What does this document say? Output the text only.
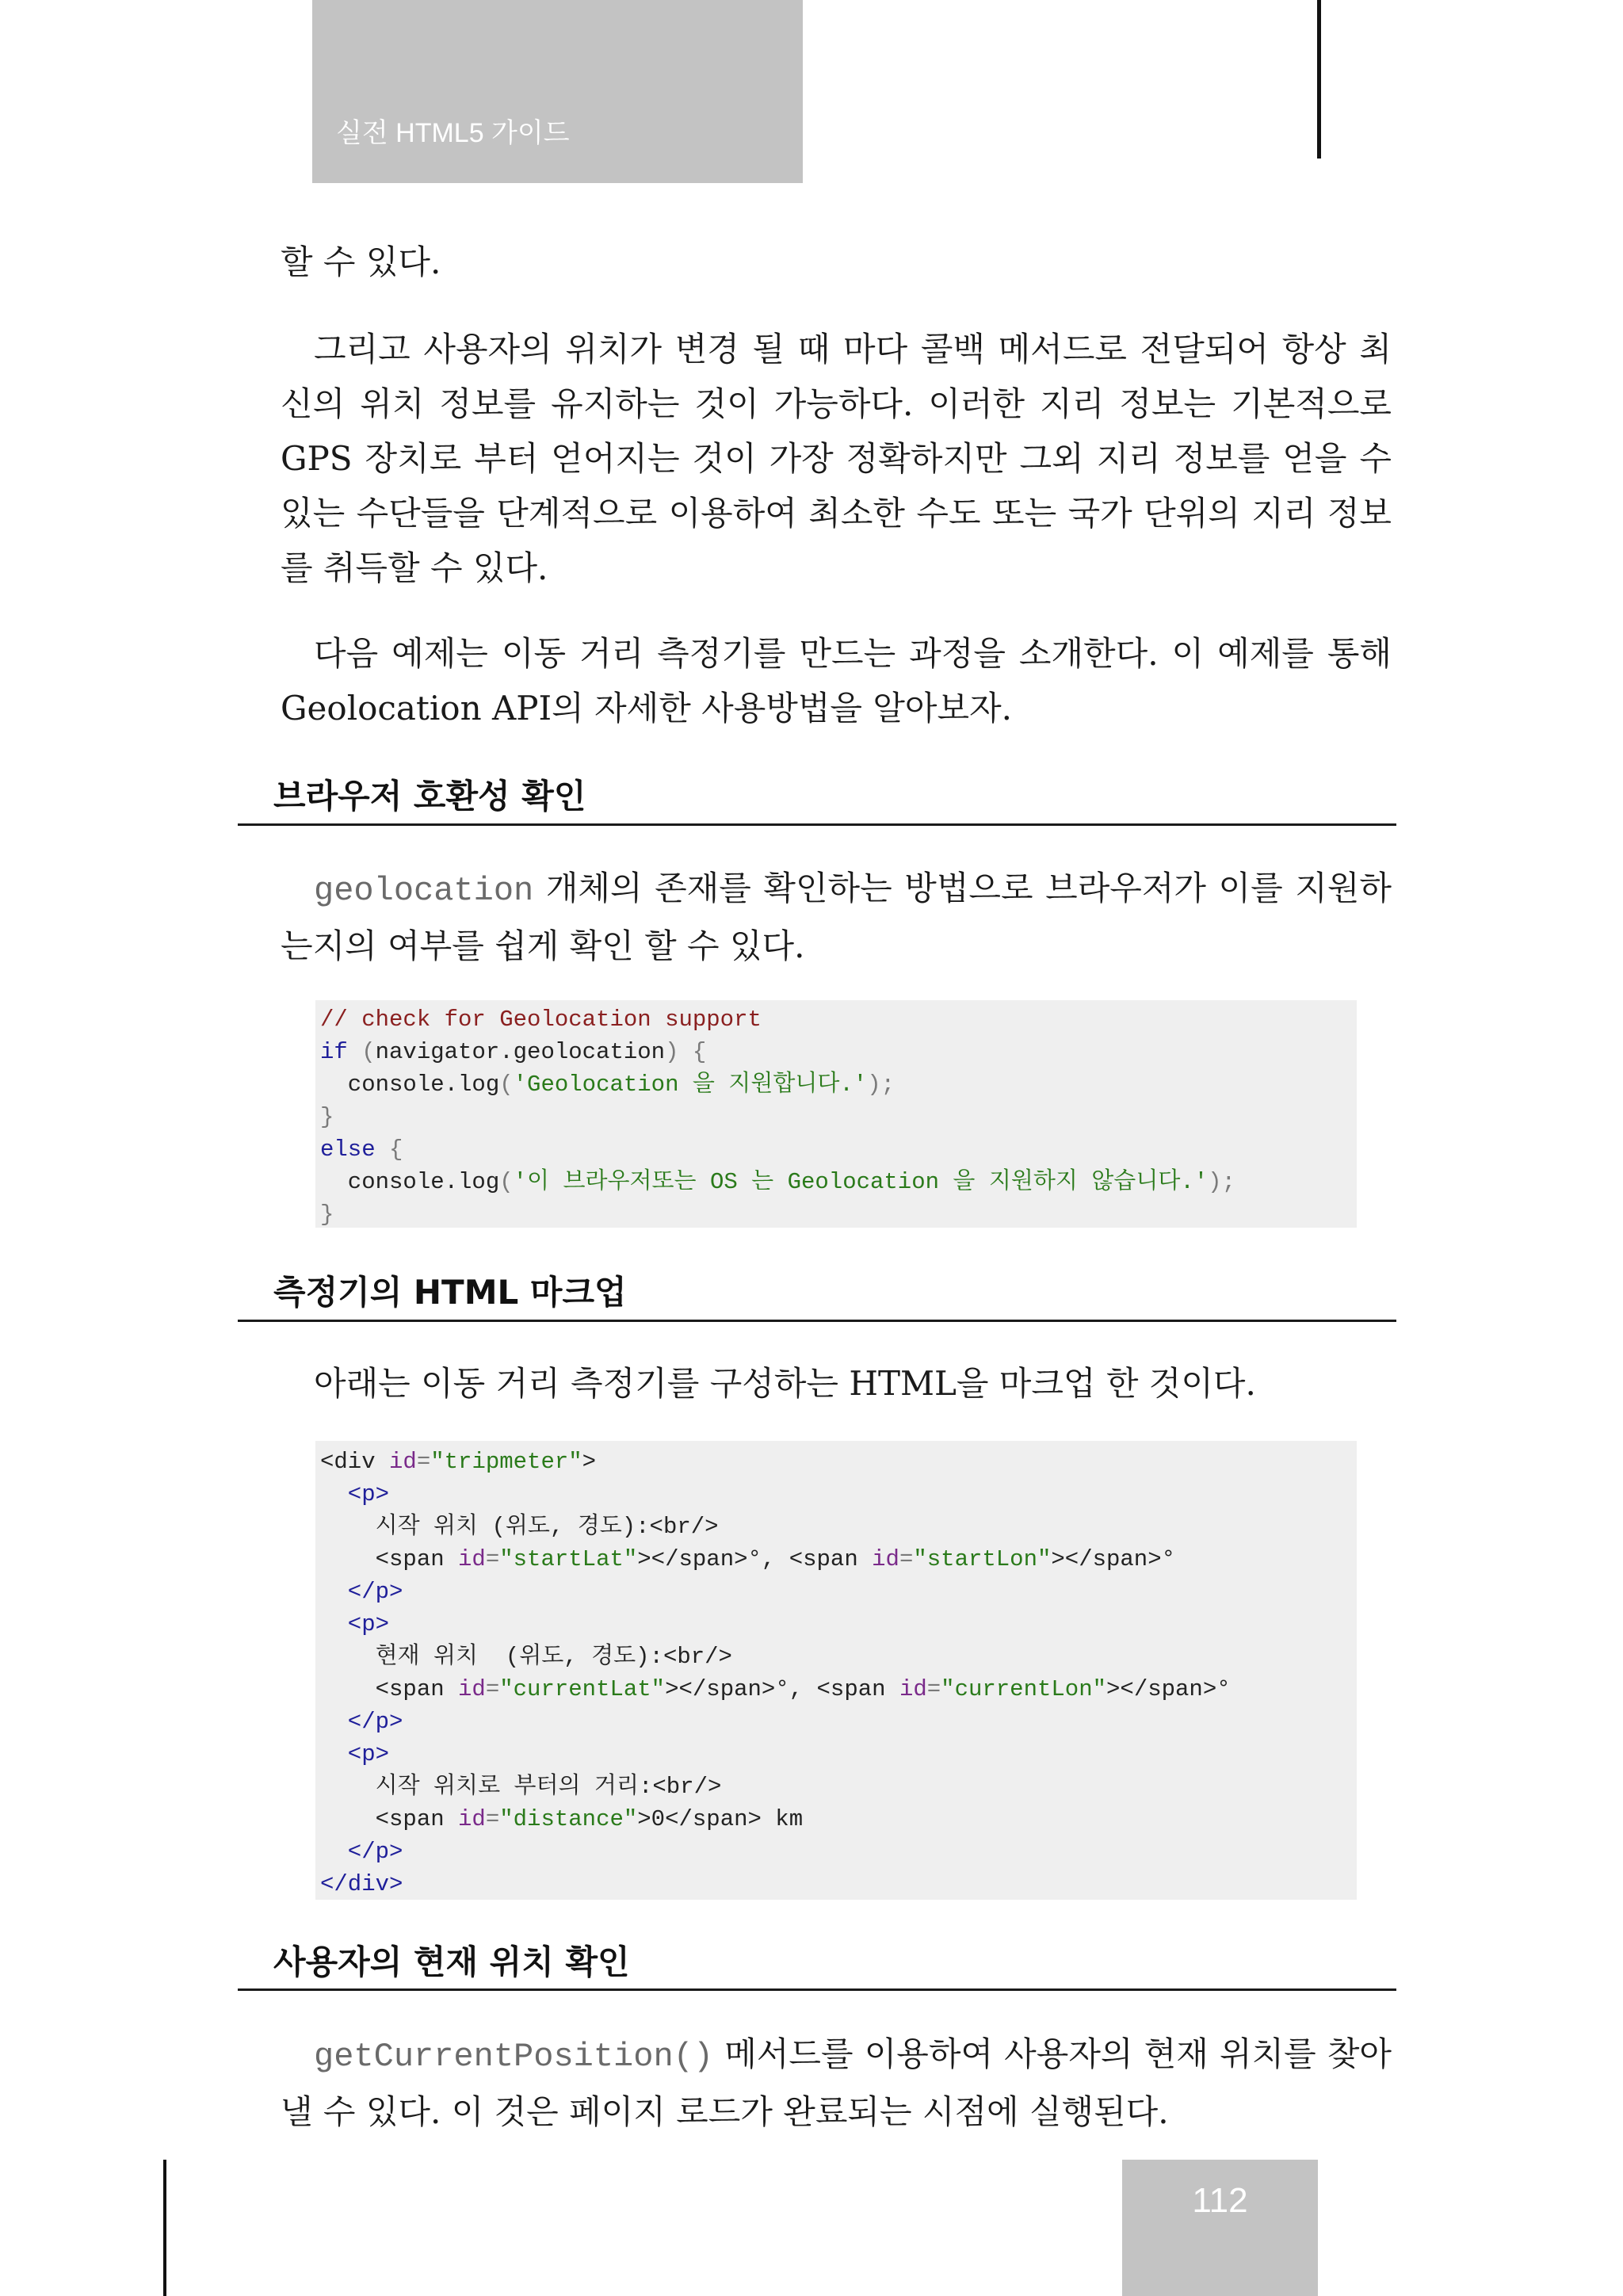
실전 HTML5 가이드

할 수 있다.

그리고 사용자의 위치가 변경 될 때 마다 콜백 메서드로 전달되어 항상 최신의 위치 정보를 유지하는 것이 가능하다. 이러한 지리 정보는 기본적으로 GPS 장치로 부터 얻어지는 것이 가장 정확하지만 그외 지리 정보를 얻을 수 있는 수단들을 단계적으로 이용하여 최소한 수도 또는 국가 단위의 지리 정보를 취득할 수 있다.

다음 예제는 이동 거리 측정기를 만드는 과정을 소개한다. 이 예제를 통해 Geolocation API의 자세한 사용방법을 알아보자.

브라우저 호환성 확인

geolocation 개체의 존재를 확인하는 방법으로 브라우저가 이를 지원하는지의 여부를 쉽게 확인 할 수 있다.

// check for Geolocation support
if (navigator.geolocation) {
console.log('Geolocation 을 지원합니다.');
}
else {
console.log('이 브라우저또는 OS 는 Geolocation 을 지원하지 않습니다.');
}
측정기의 HTML 마크업

아래는 이동 거리 측정기를 구성하는 HTML을 마크업 한 것이다.

<div id="tripmeter">
<p>
시작 위치 (위도, 경도):<br/>
<span id="startLat"></span>°, <span id="startLon"></span>°
</p>
<p>
현재 위치  (위도, 경도):<br/>
<span id="currentLat"></span>°, <span id="currentLon"></span>°
</p>
<p>
시작 위치로 부터의 거리:<br/>
<span id="distance">0</span> km
</p>
</div>
사용자의 현재 위치 확인

getCurrentPosition() 메서드를 이용하여 사용자의 현재 위치를 찾아낼 수 있다. 이 것은 페이지 로드가 완료되는 시점에 실행된다.

112
